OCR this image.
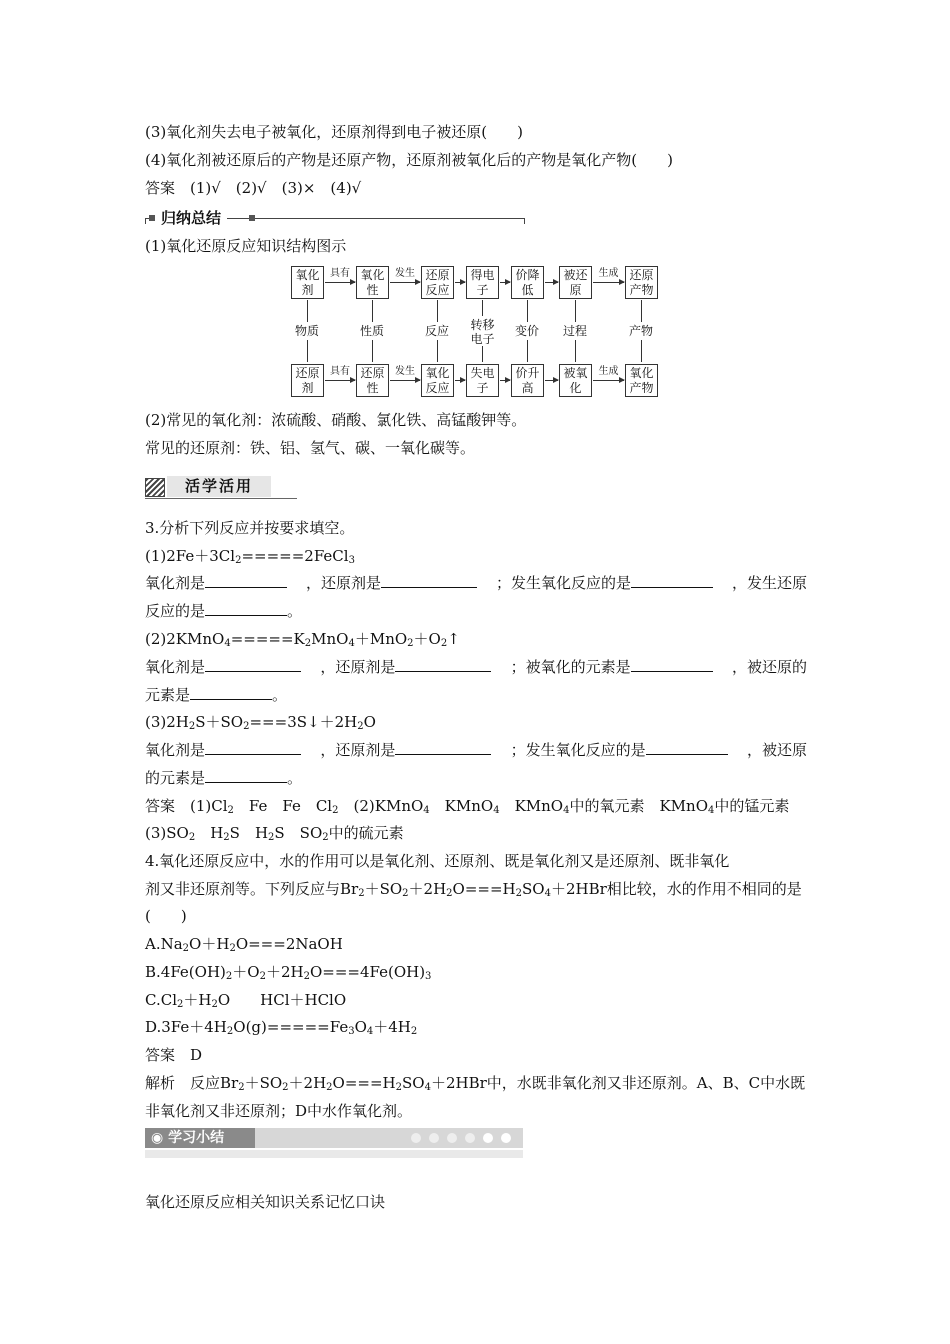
(3)氧化剂失去电子被氧化，还原剂得到电子被还原(　　)
(4)氧化剂被还原后的产物是还原产物，还原剂被氧化后的产物是氧化产物(　　)
答案　(1)√　(2)√　(3)×　(4)√
归纳总结
(1)氧化还原反应知识结构图示
氧化
剂
氧化
性
还原
反应
得电
子
价降
低
被还
原
还原
产物
具有	发生	生成
物质	性质	反应	转移
电子
变价	过程	产物
还原
剂
还原
性
氧化
反应
失电
子
价升
高
被氧
化
氧化
产物
具有	发生	生成
(2)常见的氧化剂：浓硫酸、硝酸、氯化铁、高锰酸钾等。
常见的还原剂：铁、铝、氢气、碳、一氧化碳等。
活学活用
3.分析下列反应并按要求填空。
$(1)2Fe+3Cl_2=====2FeCl_3$
氧化剂是	，还原剂是	；发生氧化反应的是	，发生还原
反应的是	。
$(2)2KMnO_4=====K_2MnO_4+MnO_2+O_2↑$
氧化剂是	，还原剂是	；被氧化的元素是	，被还原的
元素是	。
$(3)2H_2S+SO_2===3S↓+2H_2O$
氧化剂是	，还原剂是	；发生氧化反应的是	，被还原
的元素是	。
答案　$(1)Cl_2$　Fe　Fe　$Cl_2$　(2)KMnO$_4$　KMnO$_4$　KMnO$_4$中的氧元素　KMnO$_4$中的锰元素
$(3)SO_2$　$H_2S$　$H_2S$　$SO_2$中的硫元素
4.氧化还原反应中，水的作用可以是氧化剂、还原剂、既是氧化剂又是还原剂、既非氧化
剂又非还原剂等。下列反应与$Br_2+SO_2+2H_2O===H_2SO_4+2HBr$相比较，水的作用不相同的是
(　　)
$A.Na_2O+H_2O===2NaOH$
$B.4Fe(OH)_2+O_2+2H_2O===4Fe(OH)_3$
$C.Cl_2+H_2O$　　HCl＋HClO
$D.3Fe+4H_2O(g)=====Fe_3O_4+4H_2$
答案　D
解析　反应$Br_2+SO_2+2H_2O===H_2SO_4+2HBr$中，水既非氧化剂又非还原剂。A、B、C中水既
非氧化剂又非还原剂；D中水作氧化剂。
◉ 学习小结
氧化还原反应相关知识关系记忆口诀
